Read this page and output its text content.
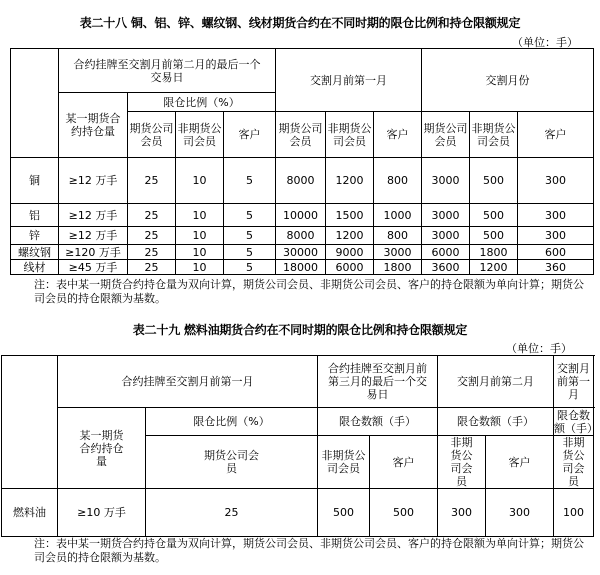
表二十八 铜、铝、锌、螺纹钢、线材期货合约在不同时期的限仓比例和持仓限额规定
（单位：手）
	合约挂牌至交割月前第二月的最后一个交易日				交割月前第一月			交割月份		
	某一期货合约持仓量	限仓比例（%）								
		期货公司会员	非期货公司会员	客户	期货公司会员	非期货公司会员	客户	期货公司会员	非期货公司会员	客户
铜	≥12 万手	25	10	5	8000	1200	800	3000	500	300
铝	≥12 万手	25	10	5	10000	1500	1000	3000	500	300
锌	≥12 万手	25	10	5	8000	1200	800	3000	500	300
螺纹钢	≥120 万手	25	10	5	30000	9000	3000	6000	1800	600
线材	≥45 万手	25	10	5	18000	6000	1800	3600	1200	360
注：表中某一期货合约持仓量为双向计算，期货公司会员、非期货公司会员、客户的持仓限额为单向计算；期货公司会员的持仓限额为基数。
表二十九 燃料油期货合约在不同时期的限仓比例和持仓限额规定
（单位：手）
	合约挂牌至交割月前第一月		合约挂牌至交割月前第三月的最后一个交易日		交割月前第二月		交割月前第一月	
	某一期货合约持仓量	限仓比例（%）	限仓数额（手）		限仓数额（手）		限仓数额（手）	
		期货公司会员	非期货公司会员	客户	非期货公司会员	客户	非期货公司会员	
燃料油	≥10 万手	25	500	500	300	300	100	
注：表中某一期货合约持仓量为双向计算，期货公司会员、非期货公司会员、客户的持仓限额为单向计算；期货公司会员的持仓限额为基数。
